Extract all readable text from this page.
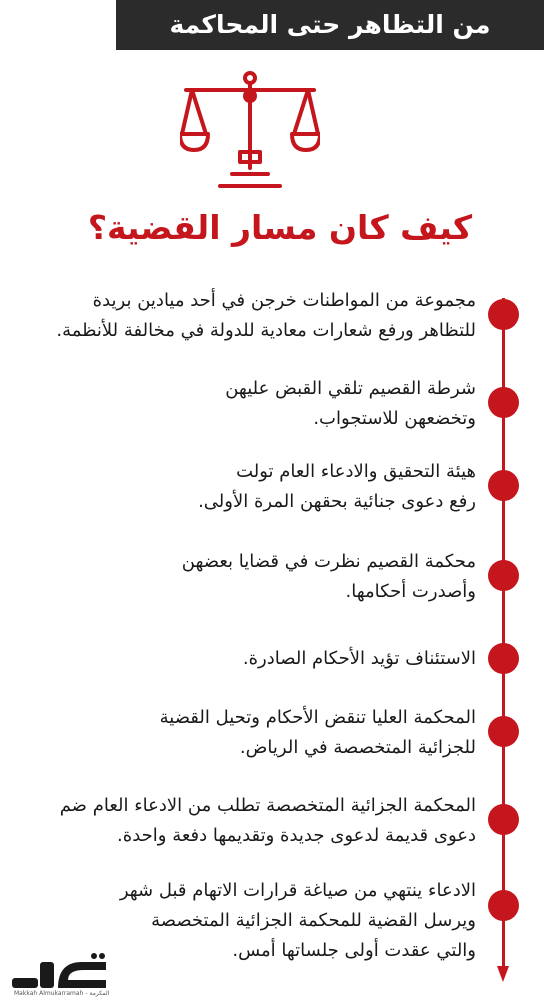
من التظاهر حتى المحاكمة
كيف كان مسار القضية؟
مجموعة من المواطنات خرجن في أحد ميادين بريدة
للتظاهر ورفع شعارات معادية للدولة في مخالفة للأنظمة.
شرطة القصيم تلقي القبض عليهن
وتخضعهن للاستجواب.
هيئة التحقيق والادعاء العام تولت
رفع دعوى جنائية بحقهن المرة الأولى.
محكمة القصيم نظرت في قضايا بعضهن
وأصدرت أحكامها.
الاستئناف تؤيد الأحكام الصادرة.
المحكمة العليا تنقض الأحكام وتحيل القضية
للجزائية المتخصصة في الرياض.
المحكمة الجزائية المتخصصة تطلب من الادعاء العام ضم
دعوى قديمة لدعوى جديدة وتقديمها دفعة واحدة.
الادعاء ينتهي من صياغة قرارات الاتهام قبل شهر
ويرسل القضية للمحكمة الجزائية المتخصصة
والتي عقدت أولى جلساتها أمس.
Makkah Almukarramah - المكرمة
